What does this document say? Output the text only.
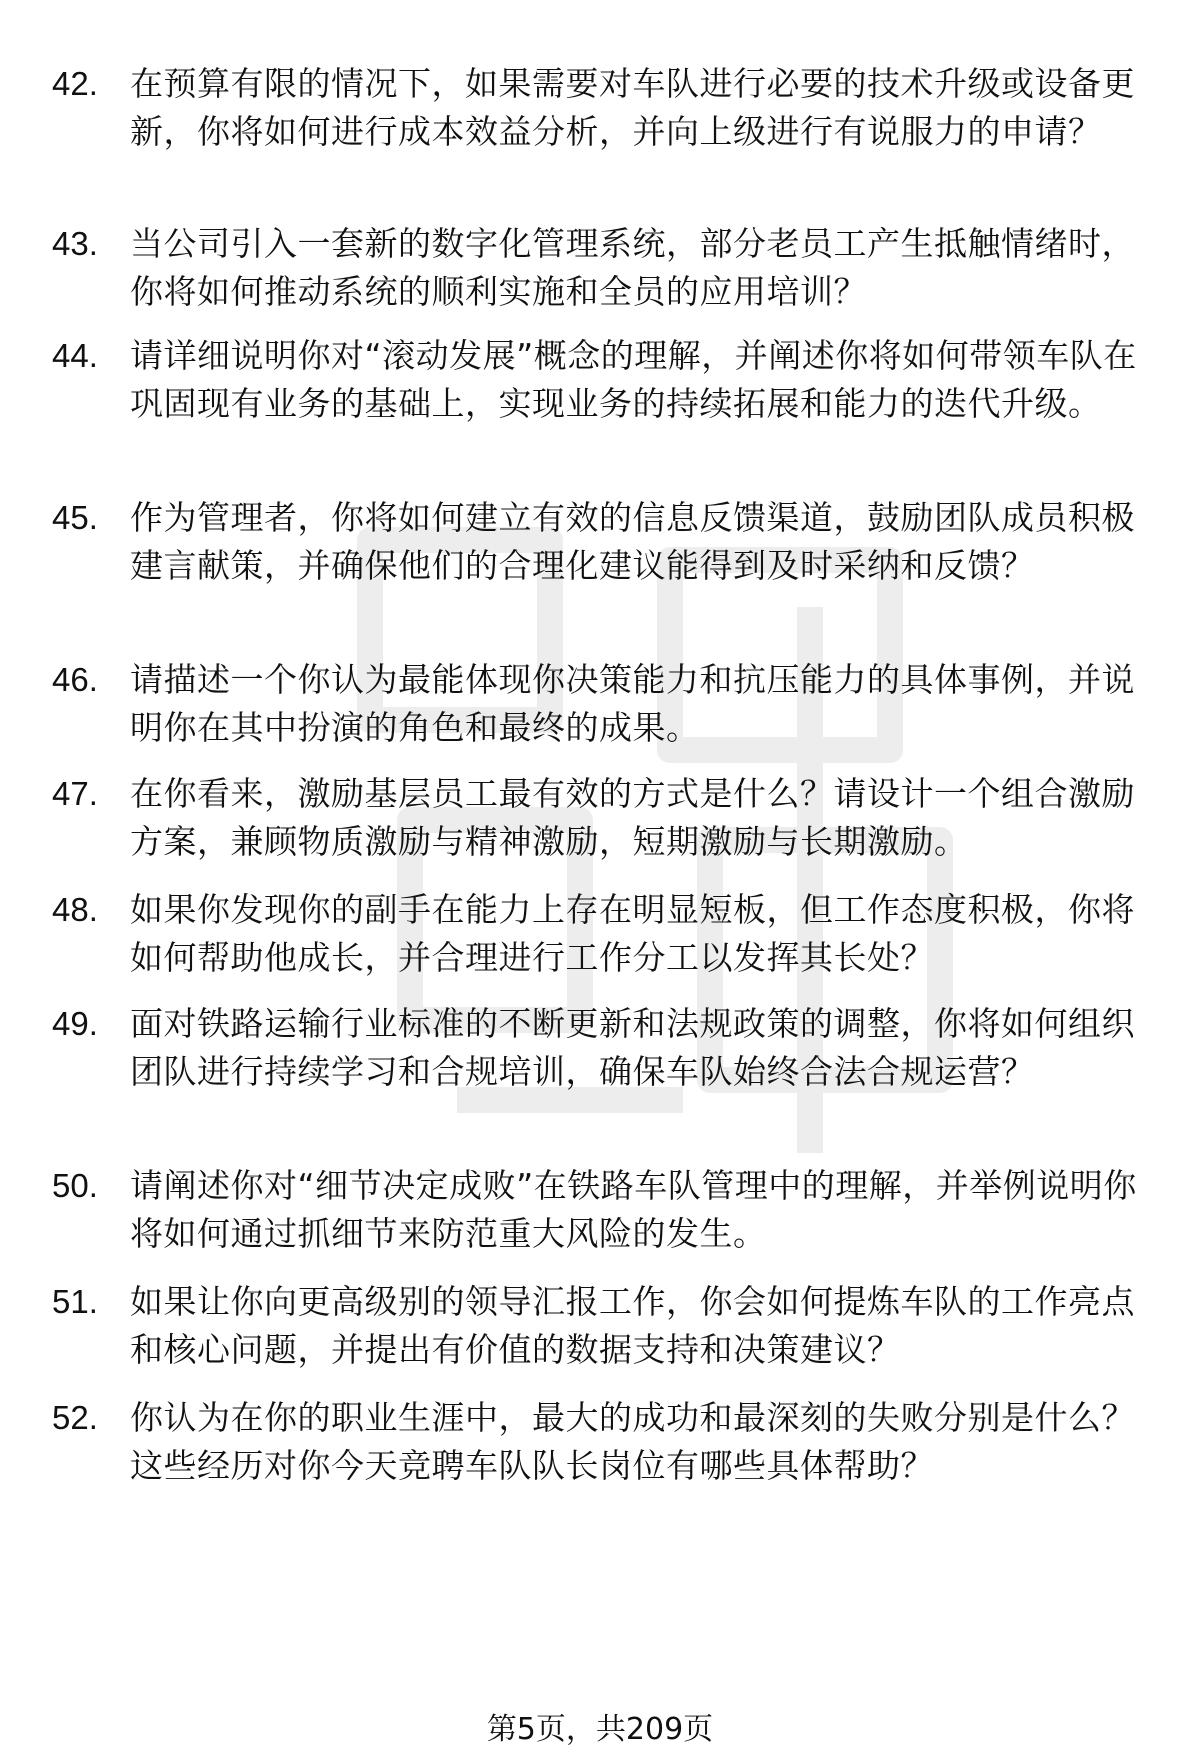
42. 在预算有限的情况下，如果需要对车队进行必要的技术升级或设备更新，你将如何进行成本效益分析，并向上级进行有说服力的申请？
43. 当公司引入一套新的数字化管理系统，部分老员工产生抵触情绪时，你将如何推动系统的顺利实施和全员的应用培训？
44. 请详细说明你对“滚动发展”概念的理解，并阐述你将如何带领车队在巩固现有业务的基础上，实现业务的持续拓展和能力的迭代升级。
45. 作为管理者，你将如何建立有效的信息反馈渠道，鼓励团队成员积极建言献策，并确保他们的合理化建议能得到及时采纳和反馈？
46. 请描述一个你认为最能体现你决策能力和抗压能力的具体事例，并说明你在其中扮演的角色和最终的成果。
47. 在你看来，激励基层员工最有效的方式是什么？请设计一个组合激励方案，兼顾物质激励与精神激励，短期激励与长期激励。
48. 如果你发现你的副手在能力上存在明显短板，但工作态度积极，你将如何帮助他成长，并合理进行工作分工以发挥其长处？
49. 面对铁路运输行业标准的不断更新和法规政策的调整，你将如何组织团队进行持续学习和合规培训，确保车队始终合法合规运营？
50. 请阐述你对“细节决定成败”在铁路车队管理中的理解，并举例说明你将如何通过抓细节来防范重大风险的发生。
51. 如果让你向更高级别的领导汇报工作，你会如何提炼车队的工作亮点和核心问题，并提出有价值的数据支持和决策建议？
52. 你认为在你的职业生涯中，最大的成功和最深刻的失败分别是什么？这些经历对你今天竞聘车队队长岗位有哪些具体帮助？
第5页，共209页
